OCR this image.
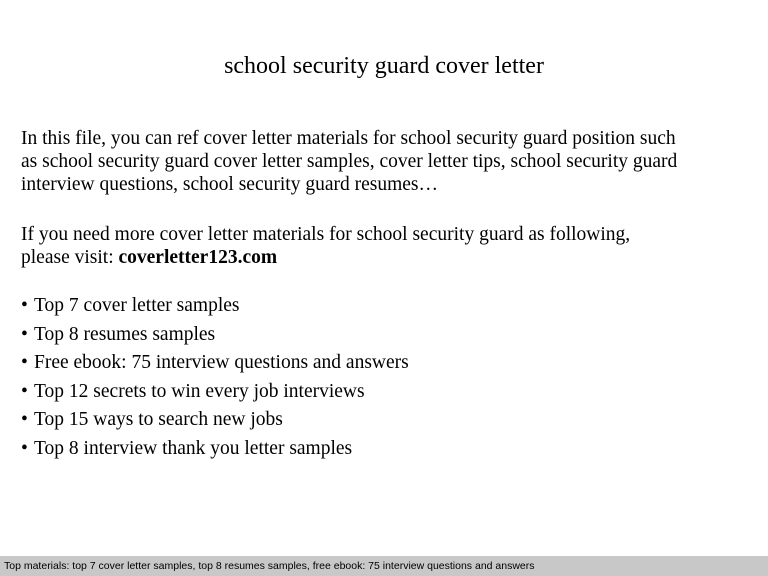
school security guard cover letter
In this file, you can ref cover letter materials for school security guard position such
as school security guard cover letter samples, cover letter tips, school security guard
interview questions, school security guard resumes…
If you need more cover letter materials for school security guard as following,
please visit: coverletter123.com
• Top 7 cover letter samples
• Top 8 resumes samples
• Free ebook: 75 interview questions and answers
• Top 12 secrets to win every job interviews
• Top 15 ways to search new jobs
• Top 8 interview thank you letter samples
Top materials: top 7 cover letter samples, top 8 resumes samples, free ebook: 75 interview questions and answers
